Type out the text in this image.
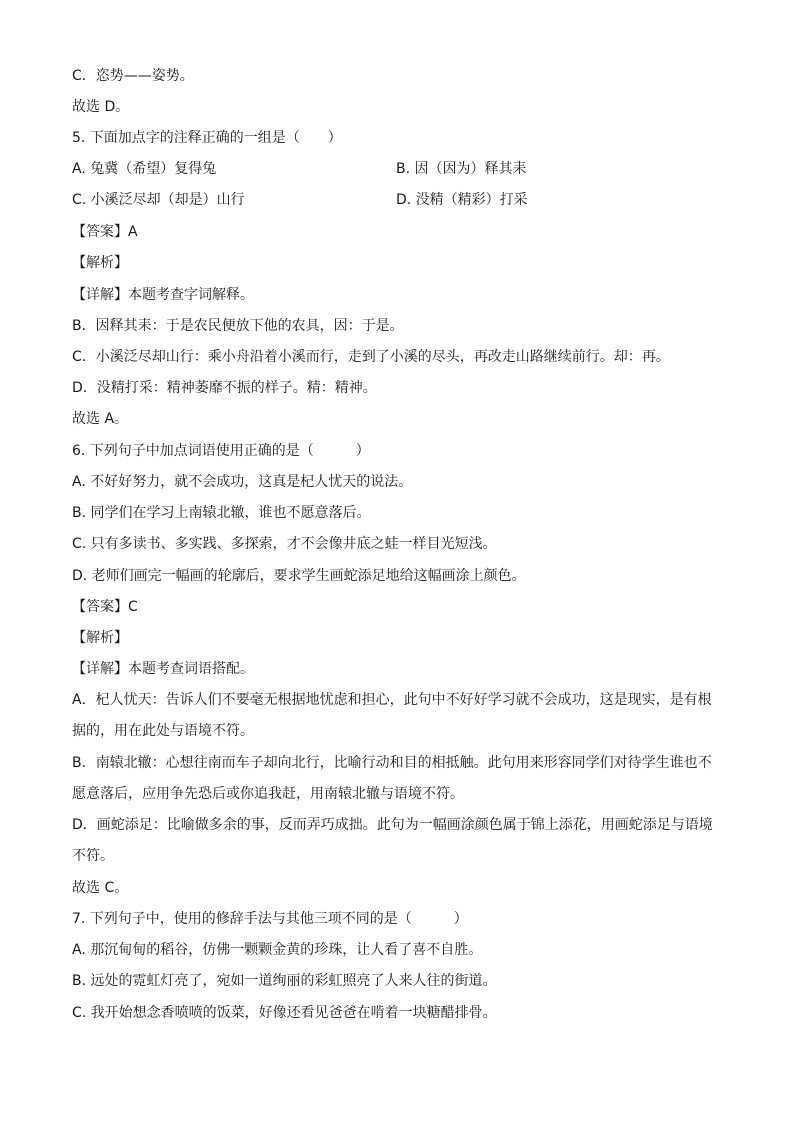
C．恣势——姿势。
故选 D。
5. 下面加点字的注释正确的一组是（　　）
A. 兔冀（希望）复得兔	B. 因（因为）释其耒
C. 小溪泛尽却（却是）山行	D. 没精（精彩）打采
【答案】A
【解析】
【详解】本题考查字词解释。
B．因释其耒：于是农民便放下他的农具，因：于是。
C．小溪泛尽却山行：乘小舟沿着小溪而行，走到了小溪的尽头，再改走山路继续前行。却：再。
D．没精打采：精神萎靡不振的样子。精：精神。
故选 A。
6. 下列句子中加点词语使用正确的是（　　　）
A. 不好好努力，就不会成功，这真是杞人忧天的说法。
B. 同学们在学习上南辕北辙，谁也不愿意落后。
C. 只有多读书、多实践、多探索，才不会像井底之蛙一样目光短浅。
D. 老师们画完一幅画的轮廓后，要求学生画蛇添足地给这幅画涂上颜色。
【答案】C
【解析】
【详解】本题考查词语搭配。
A．杞人忧天：告诉人们不要毫无根据地忧虑和担心，此句中不好好学习就不会成功，这是现实，是有根
据的，用在此处与语境不符。
B．南辕北辙：心想往南而车子却向北行，比喻行动和目的相抵触。此句用来形容同学们对待学生谁也不
愿意落后，应用争先恐后或你追我赶，用南辕北辙与语境不符。
D．画蛇添足：比喻做多余的事，反而弄巧成拙。此句为一幅画涂颜色属于锦上添花，用画蛇添足与语境
不符。
故选 C。
7. 下列句子中，使用的修辞手法与其他三项不同的是（　　　）
A. 那沉甸甸的稻谷，仿佛一颗颗金黄的珍珠，让人看了喜不自胜。
B. 远处的霓虹灯亮了，宛如一道绚丽的彩虹照亮了人来人往的街道。
C. 我开始想念香喷喷的饭菜，好像还看见爸爸在啃着一块糖醋排骨。
